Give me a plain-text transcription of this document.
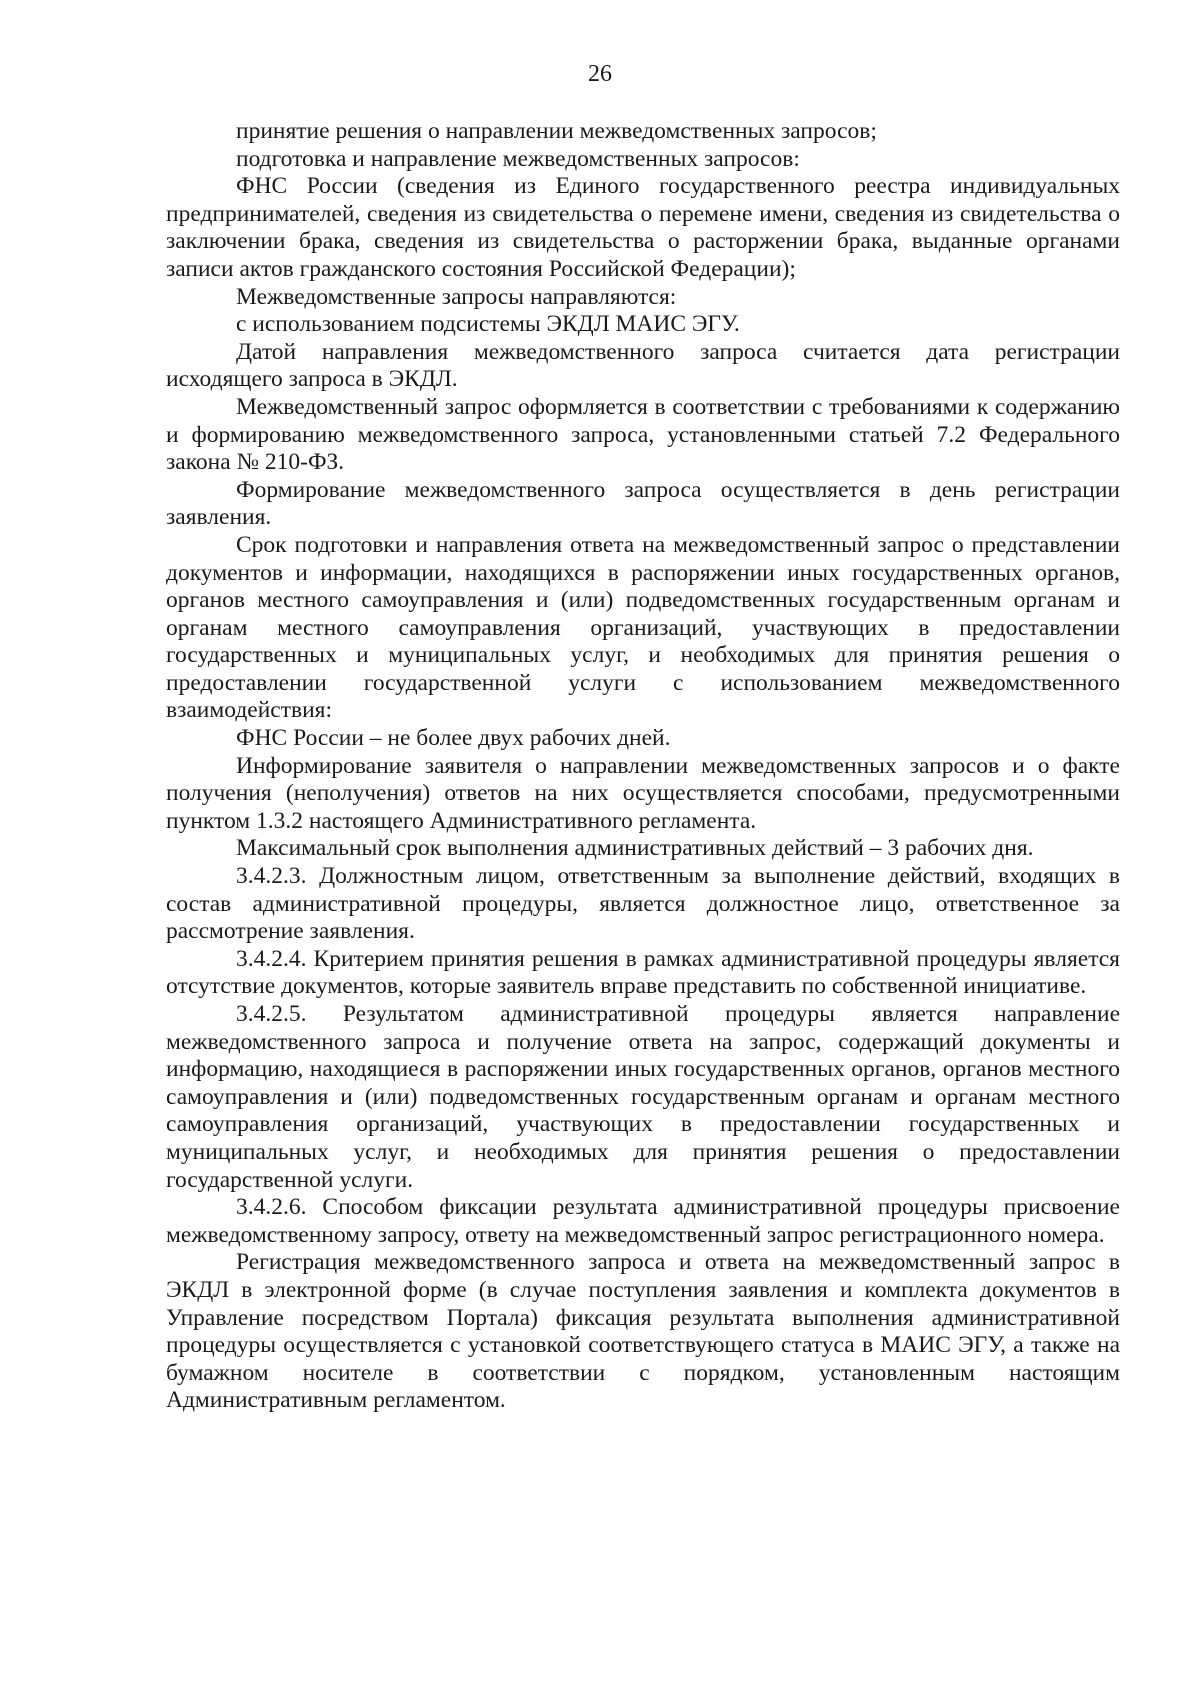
26

принятие решения о направлении межведомственных запросов;

подготовка и направление межведомственных запросов:

ФНС России (сведения из Единого государственного реестра индивидуальных предпринимателей, сведения из свидетельства о перемене имени, сведения из свидетельства о заключении брака, сведения из свидетельства о расторжении брака, выданные органами записи актов гражданского состояния Российской Федерации);

Межведомственные запросы направляются:

с использованием подсистемы ЭКДЛ МАИС ЭГУ.

Датой направления межведомственного запроса считается дата регистрации исходящего запроса в ЭКДЛ.

Межведомственный запрос оформляется в соответствии с требованиями к содержанию и формированию межведомственного запроса, установленными статьей 7.2 Федерального закона № 210-ФЗ.

Формирование межведомственного запроса осуществляется в день регистрации заявления.

Срок подготовки и направления ответа на межведомственный запрос о представлении документов и информации, находящихся в распоряжении иных государственных органов, органов местного самоуправления и (или) подведомственных государственным органам и органам местного самоуправления организаций, участвующих в предоставлении государственных и муниципальных услуг, и необходимых для принятия решения о предоставлении государственной услуги с использованием межведомственного взаимодействия:

ФНС России – не более двух рабочих дней.

Информирование заявителя о направлении межведомственных запросов и о факте получения (неполучения) ответов на них осуществляется способами, предусмотренными пунктом 1.3.2 настоящего Административного регламента.

Максимальный срок выполнения административных действий – 3 рабочих дня.

3.4.2.3. Должностным лицом, ответственным за выполнение действий, входящих в состав административной процедуры, является должностное лицо, ответственное за рассмотрение заявления.

3.4.2.4. Критерием принятия решения в рамках административной процедуры является отсутствие документов, которые заявитель вправе представить по собственной инициативе.

3.4.2.5. Результатом административной процедуры является направление межведомственного запроса и получение ответа на запрос, содержащий документы и информацию, находящиеся в распоряжении иных государственных органов, органов местного самоуправления и (или) подведомственных государственным органам и органам местного самоуправления организаций, участвующих в предоставлении государственных и муниципальных услуг, и необходимых для принятия решения о предоставлении государственной услуги.

3.4.2.6. Способом фиксации результата административной процедуры присвоение межведомственному запросу, ответу на межведомственный запрос регистрационного номера.

Регистрация межведомственного запроса и ответа на межведомственный запрос в ЭКДЛ в электронной форме (в случае поступления заявления и комплекта документов в Управление посредством Портала) фиксация результата выполнения административной процедуры осуществляется с установкой соответствующего статуса в МАИС ЭГУ, а также на бумажном носителе в соответствии с порядком, установленным настоящим Административным регламентом.
